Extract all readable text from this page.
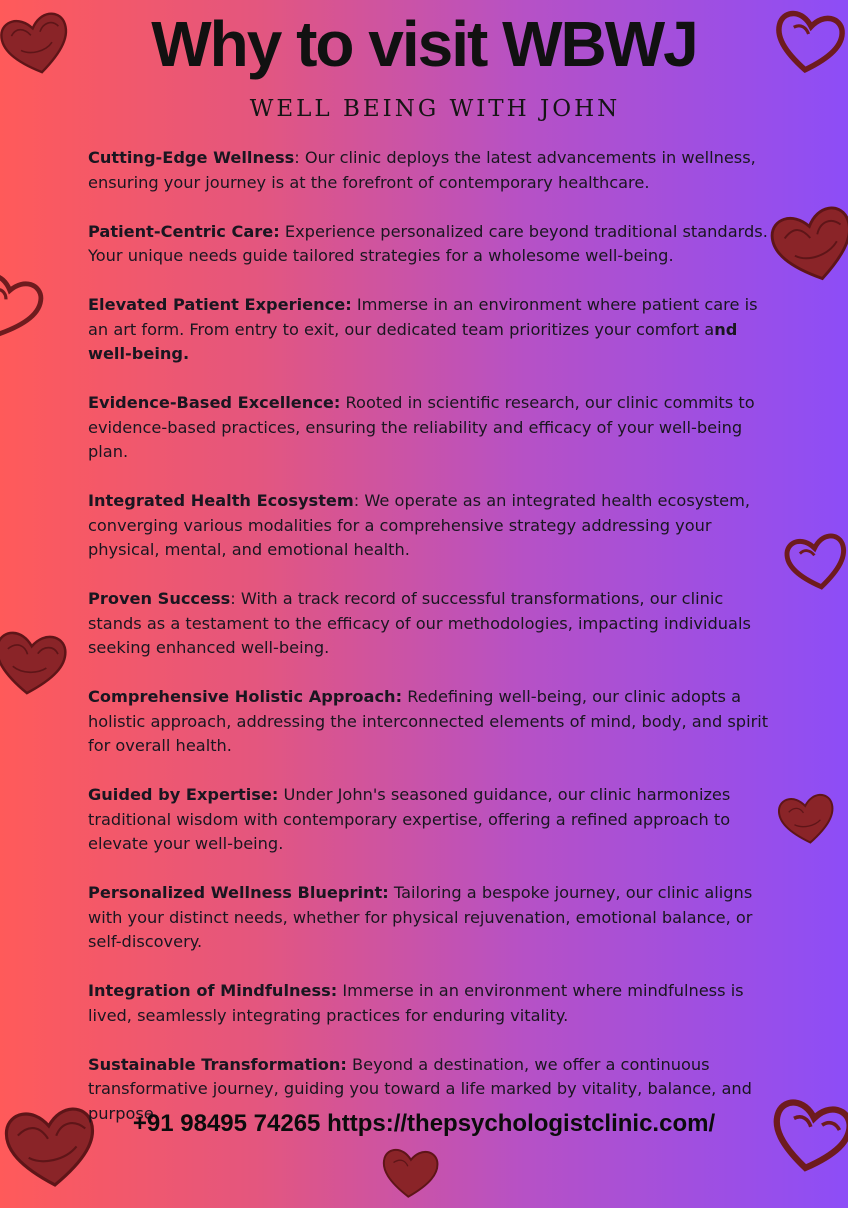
Why to visit WBWJ
WELL BEING WITH JOHN

Cutting-Edge Wellness: Our clinic deploys the latest advancements in wellness, ensuring your journey is at the forefront of contemporary healthcare.

Patient-Centric Care: Experience personalized care beyond traditional standards. Your unique needs guide tailored strategies for a wholesome well-being.

Elevated Patient Experience: Immerse in an environment where patient care is an art form. From entry to exit, our dedicated team prioritizes your comfort and well-being.

Evidence-Based Excellence: Rooted in scientific research, our clinic commits to evidence-based practices, ensuring the reliability and efficacy of your well-being plan.

Integrated Health Ecosystem: We operate as an integrated health ecosystem, converging various modalities for a comprehensive strategy addressing your physical, mental, and emotional health.

Proven Success: With a track record of successful transformations, our clinic stands as a testament to the efficacy of our methodologies, impacting individuals seeking enhanced well-being.

Comprehensive Holistic Approach: Redefining well-being, our clinic adopts a holistic approach, addressing the interconnected elements of mind, body, and spirit for overall health.

Guided by Expertise: Under John's seasoned guidance, our clinic harmonizes traditional wisdom with contemporary expertise, offering a refined approach to elevate your well-being.

Personalized Wellness Blueprint: Tailoring a bespoke journey, our clinic aligns with your distinct needs, whether for physical rejuvenation, emotional balance, or self-discovery.

Integration of Mindfulness: Immerse in an environment where mindfulness is lived, seamlessly integrating practices for enduring vitality.

Sustainable Transformation: Beyond a destination, we offer a continuous transformative journey, guiding you toward a life marked by vitality, balance, and purpose.

+91 98495 74265 https://thepsychologistclinic.com/
